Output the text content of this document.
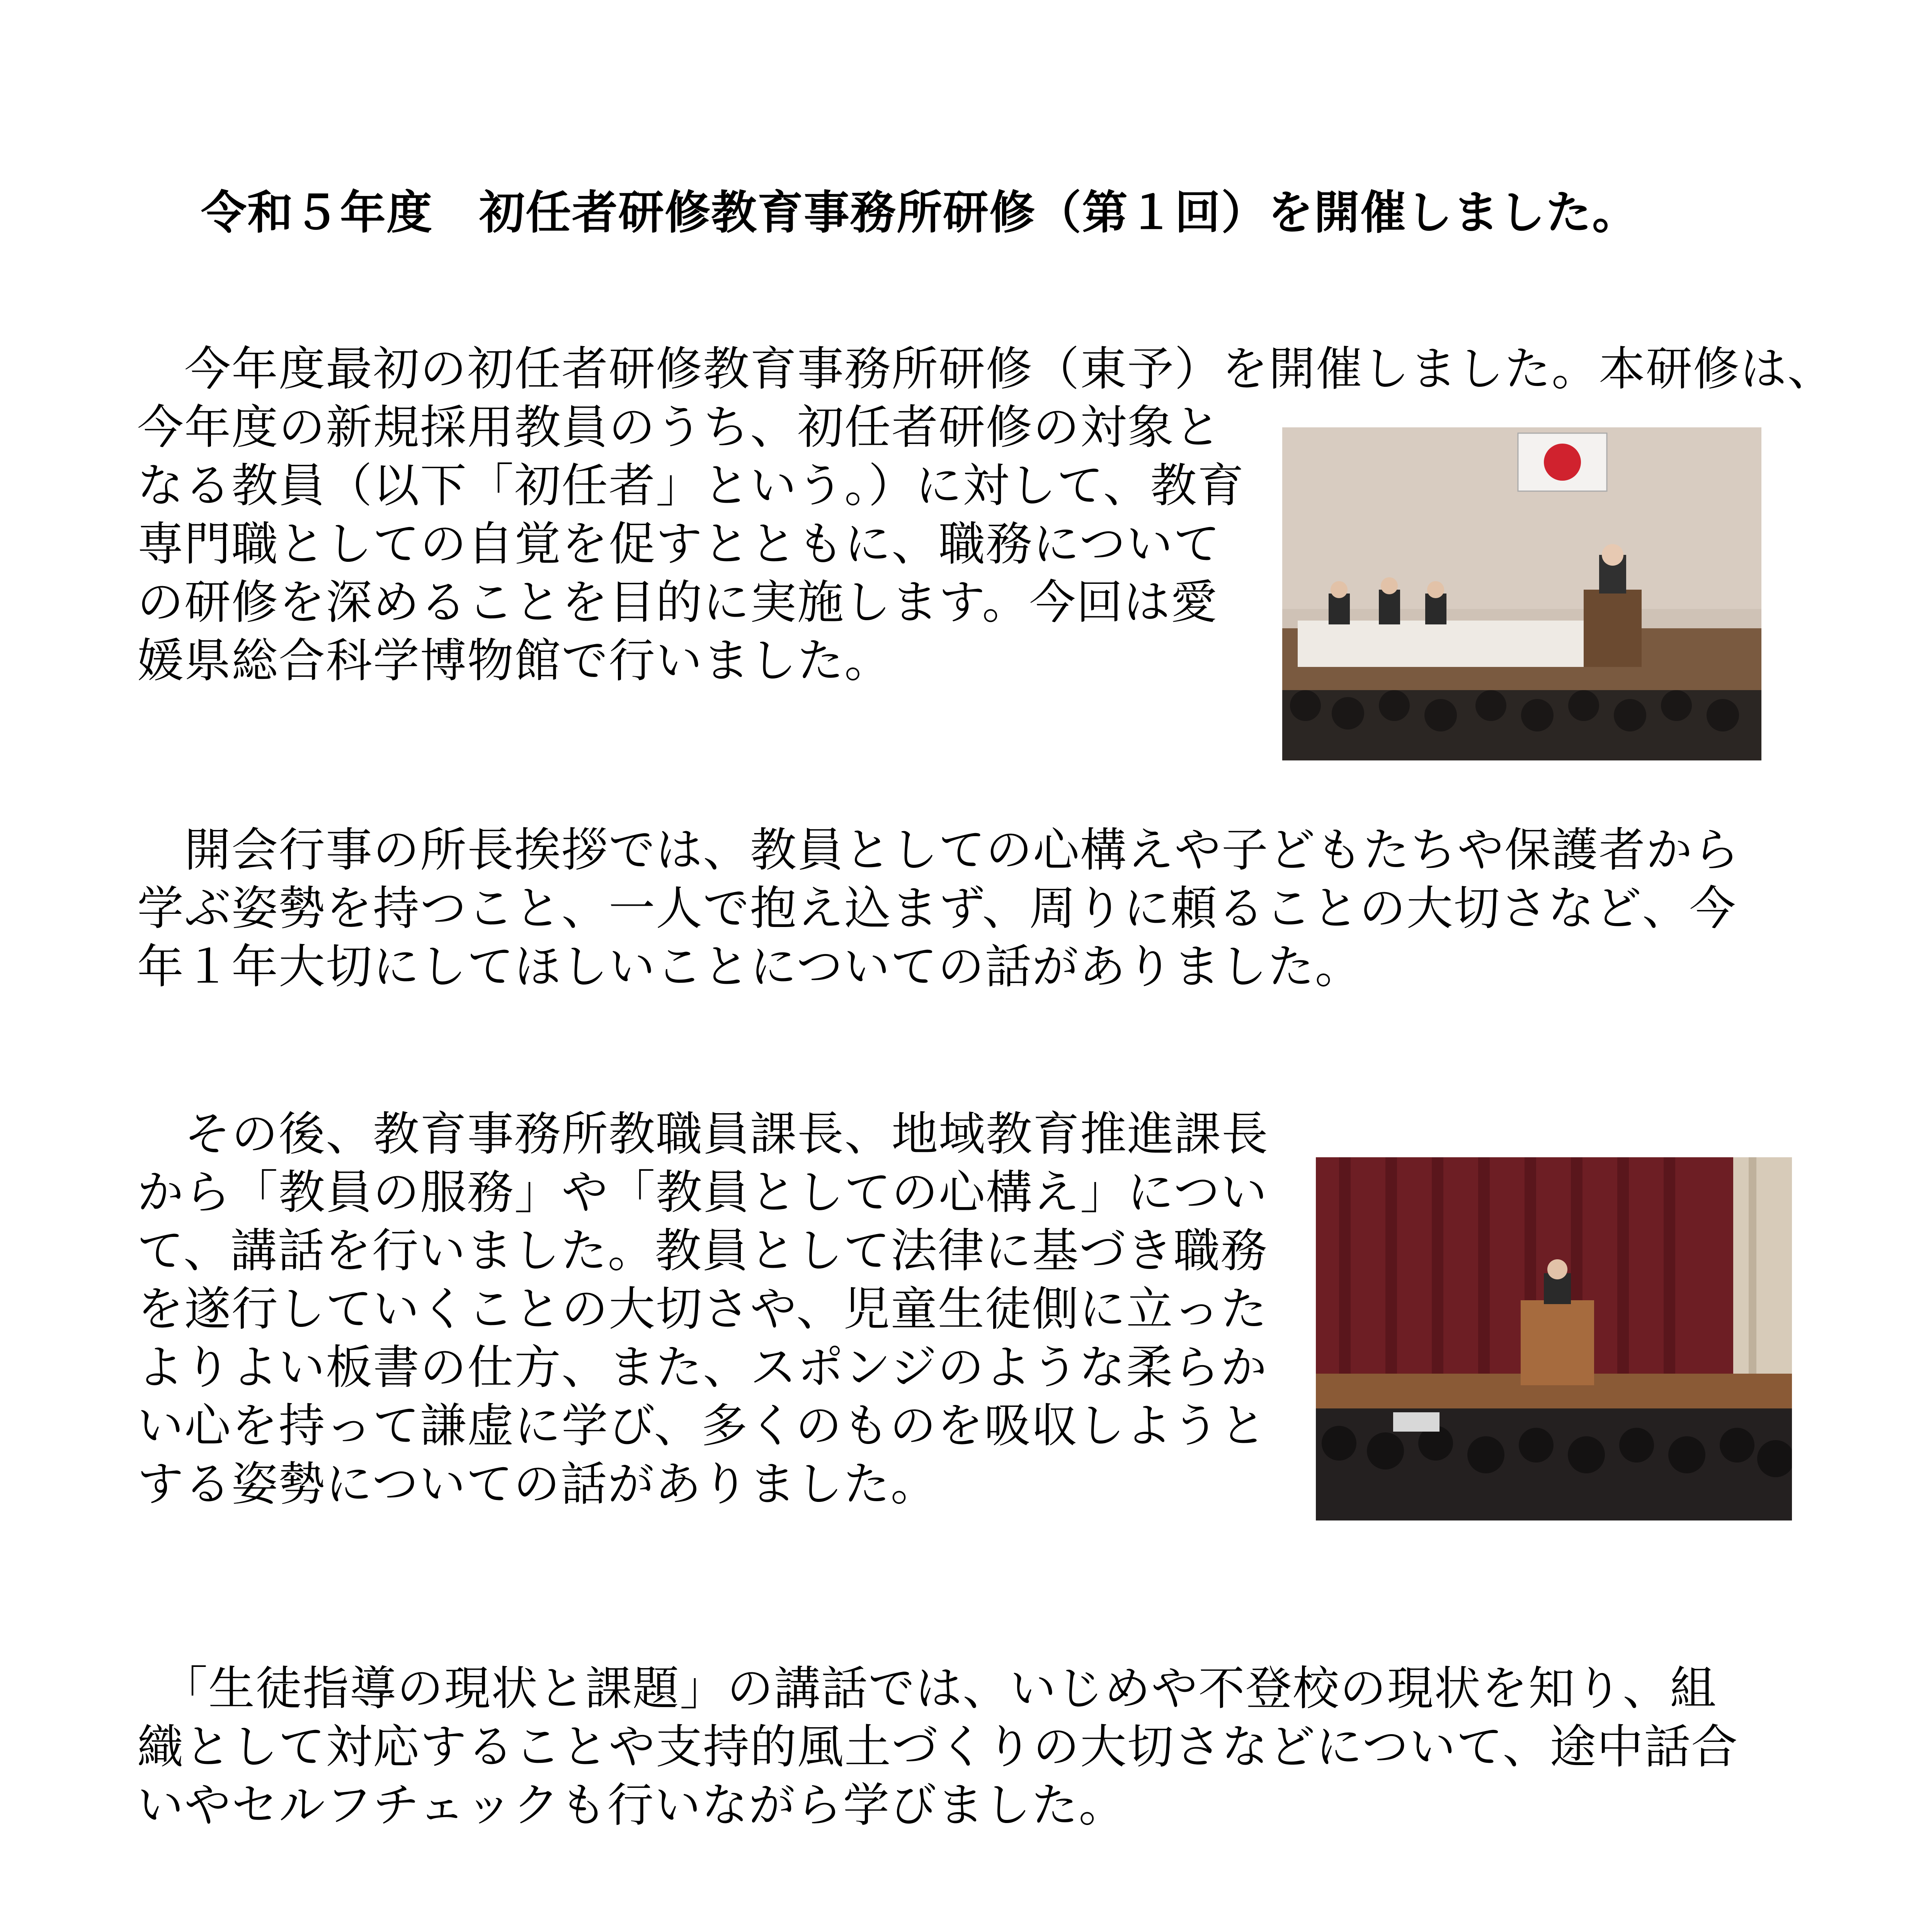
令和５年度　初任者研修教育事務所研修（第１回）を開催しました。

　今年度最初の初任者研修教育事務所研修（東予）を開催しました。本研修は、
今年度の新規採用教員のうち、初任者研修の対象と
なる教員（以下「初任者」という。）に対して、教育
専門職としての自覚を促すとともに、職務について
の研修を深めることを目的に実施します。今回は愛
媛県総合科学博物館で行いました。

　開会行事の所長挨拶では、教員としての心構えや子どもたちや保護者から
学ぶ姿勢を持つこと、一人で抱え込まず、周りに頼ることの大切さなど、今
年１年大切にしてほしいことについての話がありました。

　その後、教育事務所教職員課長、地域教育推進課長
から「教員の服務」や「教員としての心構え」につい
て、講話を行いました。教員として法律に基づき職務
を遂行していくことの大切さや、児童生徒側に立った
よりよい板書の仕方、また、スポンジのような柔らか
い心を持って謙虚に学び、多くのものを吸収しようと
する姿勢についての話がありました。

　「生徒指導の現状と課題」の講話では、いじめや不登校の現状を知り、組
織として対応することや支持的風土づくりの大切さなどについて、途中話合
いやセルフチェックも行いながら学びました。
